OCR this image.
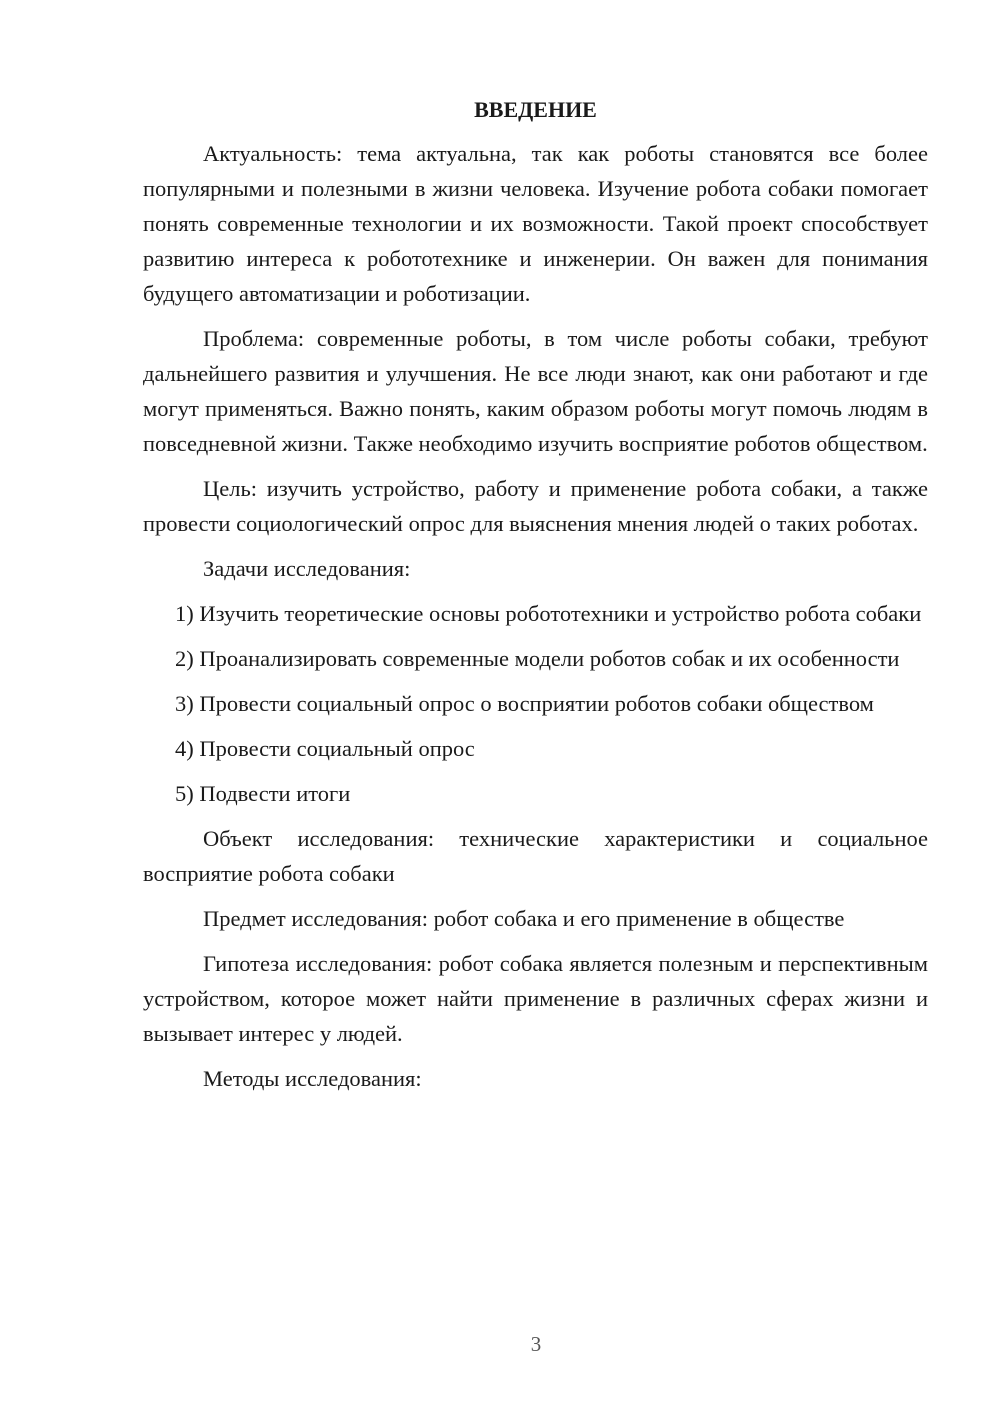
ВВЕДЕНИЕ

Актуальность: тема актуальна, так как роботы становятся все более популярными и полезными в жизни человека. Изучение робота собаки помогает понять современные технологии и их возможности. Такой проект способствует развитию интереса к робототехнике и инженерии. Он важен для понимания будущего автоматизации и роботизации.

Проблема: современные роботы, в том числе роботы собаки, требуют дальнейшего развития и улучшения. Не все люди знают, как они работают и где могут применяться. Важно понять, каким образом роботы могут помочь людям в повседневной жизни. Также необходимо изучить восприятие роботов обществом.

Цель: изучить устройство, работу и применение робота собаки, а также провести социологический опрос для выяснения мнения людей о таких роботах.

Задачи исследования:

1) Изучить теоретические основы робототехники и устройство робота собаки

2) Проанализировать современные модели роботов собак и их особенности

3) Провести социальный опрос о восприятии роботов собаки обществом

4) Провести социальный опрос

5) Подвести итоги

Объект исследования: технические характеристики и социальное восприятие робота собаки

Предмет исследования: робот собака и его применение в обществе

Гипотеза исследования: робот собака является полезным и перспективным устройством, которое может найти применение в различных сферах жизни и вызывает интерес у людей.

Методы исследования:

3
